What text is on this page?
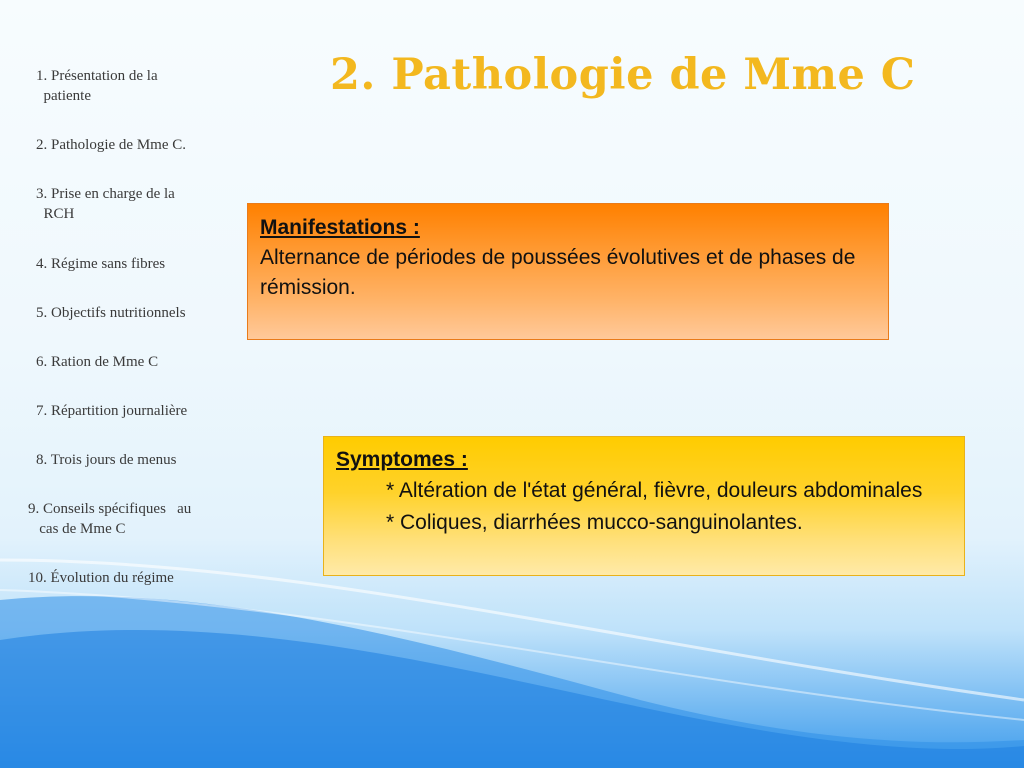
2. Pathologie de Mme C
1. Présentation de la
patiente
2. Pathologie de Mme C.
3. Prise en charge de la
RCH
4. Régime sans fibres
5. Objectifs nutritionnels
6. Ration de Mme C
7. Répartition journalière
8. Trois jours de menus
9. Conseils spécifiques   au
cas de Mme C
10. Évolution du régime
Manifestations :
Alternance de périodes de poussées évolutives et de phases de rémission.
Symptomes :
* Altération de l'état général, fièvre, douleurs abdominales
* Coliques, diarrhées mucco-sanguinolantes.
